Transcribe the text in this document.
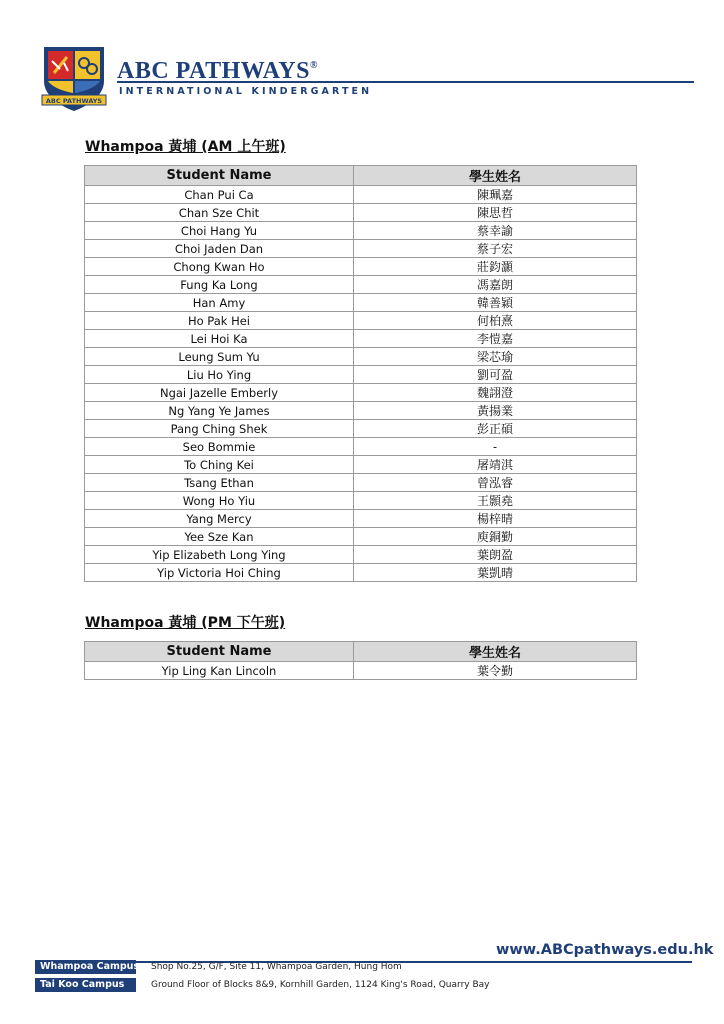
ABC PATHWAYS
ABC PATHWAYS®
INTERNATIONAL KINDERGARTEN
Whampoa 黃埔 (AM 上午班)
Student Name	學生姓名
Chan Pui Ca	陳珮嘉
Chan Sze Chit	陳思哲
Choi Hang Yu	蔡幸諭
Choi Jaden Dan	蔡子宏
Chong Kwan Ho	莊鈞灝
Fung Ka Long	馮嘉朗
Han Amy	韓善穎
Ho Pak Hei	何柏熹
Lei Hoi Ka	李愷嘉
Leung Sum Yu	梁芯瑜
Liu Ho Ying	劉可盈
Ngai Jazelle Emberly	魏詡澄
Ng Yang Ye James	黃揚業
Pang Ching Shek	彭正碩
Seo Bommie	-
To Ching Kei	屠靖淇
Tsang Ethan	曾泓睿
Wong Ho Yiu	王顥堯
Yang Mercy	楊梓晴
Yee Sze Kan	庾銅勤
Yip Elizabeth Long Ying	葉朗盈
Yip Victoria Hoi Ching	葉凱晴
Whampoa 黃埔 (PM 下午班)
Student Name	學生姓名
Yip Ling Kan Lincoln	葉令勤
www.ABCpathways.edu.hk
Whampoa Campus Shop No.25, G/F, Site 11, Whampoa Garden, Hung Hom
Tai Koo Campus	Ground Floor of Blocks 8&9, Kornhill Garden, 1124 King's Road, Quarry Bay
